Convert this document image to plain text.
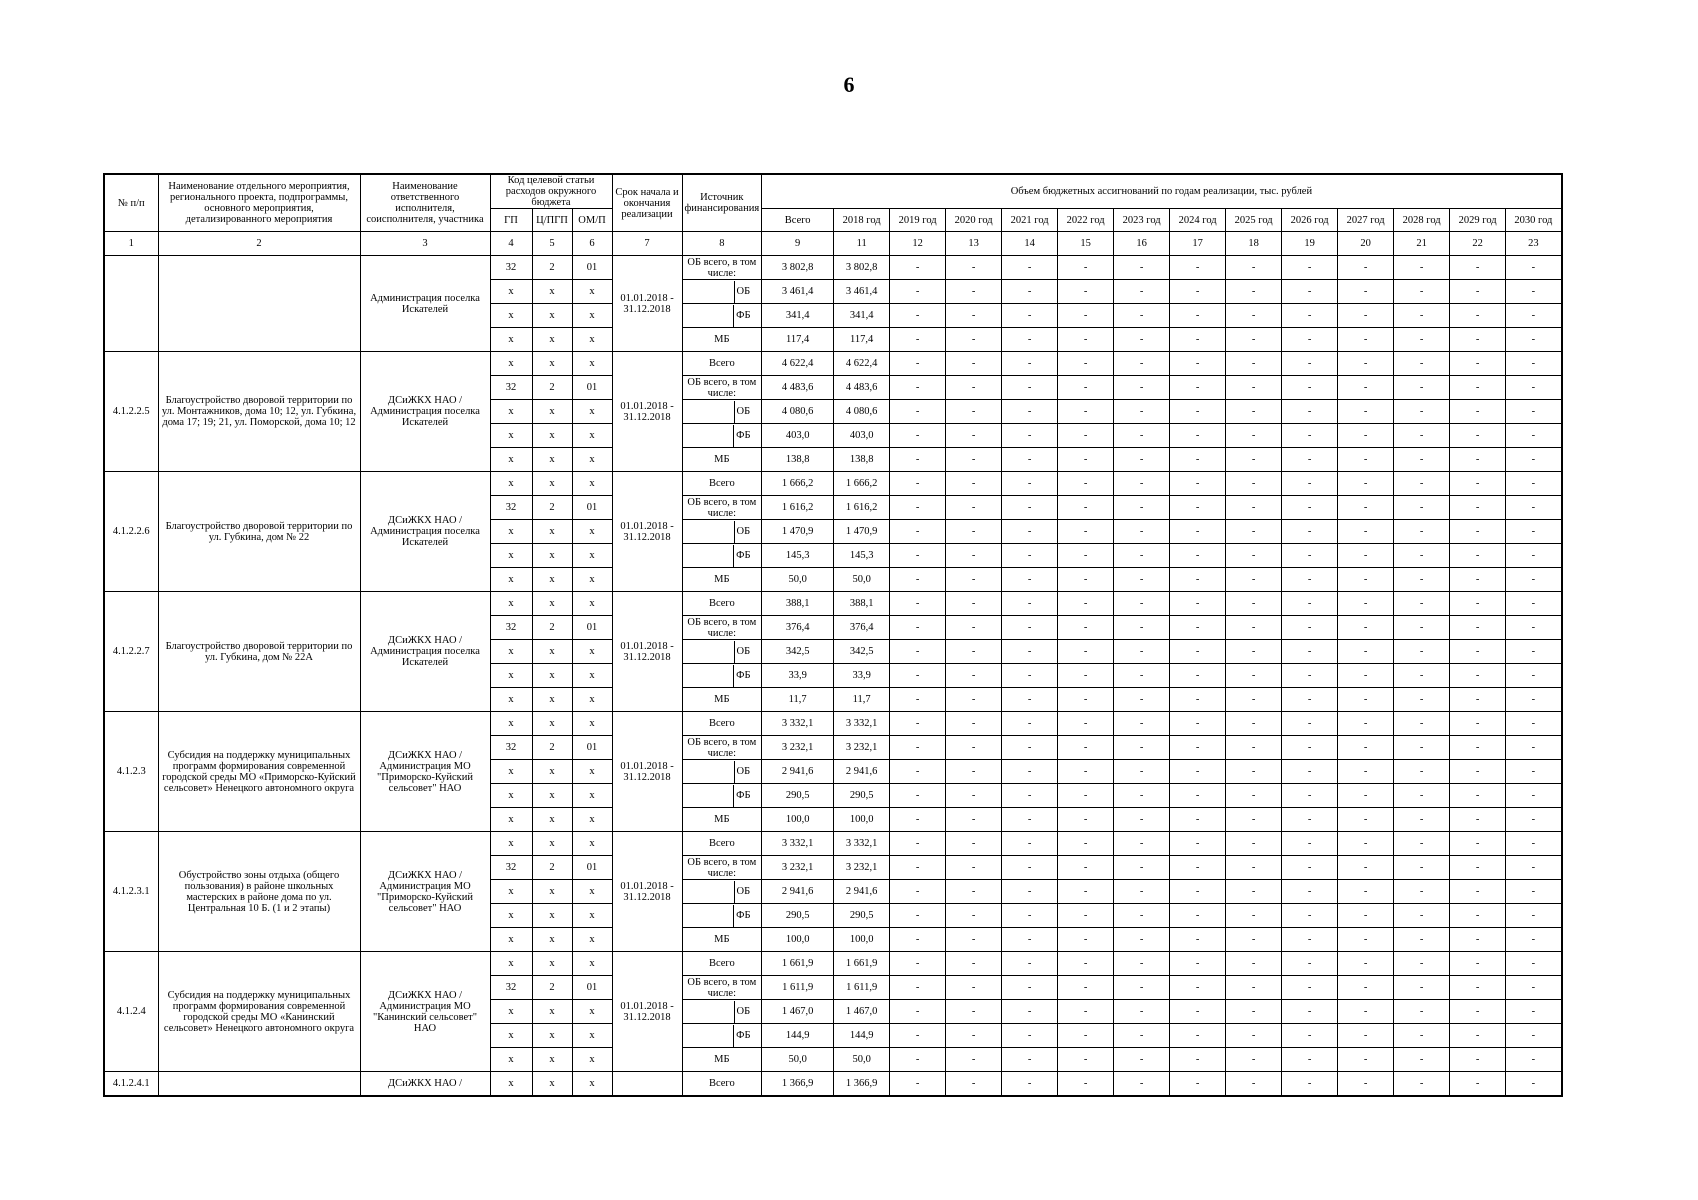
6
№ п/п	Наименование отдельного мероприятия, регионального проекта, подпрограммы, основного мероприятия, детализированного мероприятия	Наименование ответственного исполнителя, соисполнителя, участника	Код целевой статьи расходов окружного бюджета			Срок начала и окончания реализации	Источник финансирования	Объем бюджетных ассигнований по годам реализации, тыс. рублей													
			ГП	Ц/ПГП	ОМ/П			Всего	2018 год	2019 год	2020 год	2021 год	2022 год	2023 год	2024 год	2025 год	2026 год	2027 год	2028 год	2029 год	2030 год
1	2	3	4	5	6	7	8	9	11	12	13	14	15	16	17	18	19	20	21	22	23
		Администрация поселка Искателей	32	2	01	01.01.2018 - 31.12.2018	ОБ всего, в том числе:	3 802,8	3 802,8	-	-	-	-	-	-	-	-	-	-	-	-
			x	x	x		ОБ	3 461,4	3 461,4	-	-	-	-	-	-	-	-	-	-	-	-
			x	x	x		ФБ	341,4	341,4	-	-	-	-	-	-	-	-	-	-	-	-
			x	x	x		МБ	117,4	117,4	-	-	-	-	-	-	-	-	-	-	-	-
4.1.2.2.5	Благоустройство дворовой территории по ул. Монтажников, дома 10; 12, ул. Губкина, дома 17; 19; 21, ул. Поморской, дома 10; 12	ДСиЖКХ НАО / Администрация поселка Искателей	x	x	x	01.01.2018 - 31.12.2018	Всего	4 622,4	4 622,4	-	-	-	-	-	-	-	-	-	-	-	-
			32	2	01		ОБ всего, в том числе:	4 483,6	4 483,6	-	-	-	-	-	-	-	-	-	-	-	-
			x	x	x		ОБ	4 080,6	4 080,6	-	-	-	-	-	-	-	-	-	-	-	-
			x	x	x		ФБ	403,0	403,0	-	-	-	-	-	-	-	-	-	-	-	-
			x	x	x		МБ	138,8	138,8	-	-	-	-	-	-	-	-	-	-	-	-
4.1.2.2.6	Благоустройство дворовой территории по ул. Губкина, дом № 22	ДСиЖКХ НАО / Администрация поселка Искателей	x	x	x	01.01.2018 - 31.12.2018	Всего	1 666,2	1 666,2	-	-	-	-	-	-	-	-	-	-	-	-
			32	2	01		ОБ всего, в том числе:	1 616,2	1 616,2	-	-	-	-	-	-	-	-	-	-	-	-
			x	x	x		ОБ	1 470,9	1 470,9	-	-	-	-	-	-	-	-	-	-	-	-
			x	x	x		ФБ	145,3	145,3	-	-	-	-	-	-	-	-	-	-	-	-
			x	x	x		МБ	50,0	50,0	-	-	-	-	-	-	-	-	-	-	-	-
4.1.2.2.7	Благоустройство дворовой территории по ул. Губкина, дом № 22А	ДСиЖКХ НАО / Администрация поселка Искателей	x	x	x	01.01.2018 - 31.12.2018	Всего	388,1	388,1	-	-	-	-	-	-	-	-	-	-	-	-
			32	2	01		ОБ всего, в том числе:	376,4	376,4	-	-	-	-	-	-	-	-	-	-	-	-
			x	x	x		ОБ	342,5	342,5	-	-	-	-	-	-	-	-	-	-	-	-
			x	x	x		ФБ	33,9	33,9	-	-	-	-	-	-	-	-	-	-	-	-
			x	x	x		МБ	11,7	11,7	-	-	-	-	-	-	-	-	-	-	-	-
4.1.2.3	Субсидия на поддержку муниципальных программ формирования современной городской среды МО «Приморско-Куйский сельсовет» Ненецкого автономного округа	ДСиЖКХ НАО / Администрация МО "Приморско-Куйский сельсовет" НАО	x	x	x	01.01.2018 - 31.12.2018	Всего	3 332,1	3 332,1	-	-	-	-	-	-	-	-	-	-	-	-
			32	2	01		ОБ всего, в том числе:	3 232,1	3 232,1	-	-	-	-	-	-	-	-	-	-	-	-
			x	x	x		ОБ	2 941,6	2 941,6	-	-	-	-	-	-	-	-	-	-	-	-
			x	x	x		ФБ	290,5	290,5	-	-	-	-	-	-	-	-	-	-	-	-
			x	x	x		МБ	100,0	100,0	-	-	-	-	-	-	-	-	-	-	-	-
4.1.2.3.1	Обустройство зоны отдыха (общего пользования) в районе школьных мастерских в районе дома по ул. Центральная 10 Б. (1 и 2 этапы)	ДСиЖКХ НАО / Администрация МО "Приморско-Куйский сельсовет" НАО	x	x	x	01.01.2018 - 31.12.2018	Всего	3 332,1	3 332,1	-	-	-	-	-	-	-	-	-	-	-	-
			32	2	01		ОБ всего, в том числе:	3 232,1	3 232,1	-	-	-	-	-	-	-	-	-	-	-	-
			x	x	x		ОБ	2 941,6	2 941,6	-	-	-	-	-	-	-	-	-	-	-	-
			x	x	x		ФБ	290,5	290,5	-	-	-	-	-	-	-	-	-	-	-	-
			x	x	x		МБ	100,0	100,0	-	-	-	-	-	-	-	-	-	-	-	-
4.1.2.4	Субсидия на поддержку муниципальных программ формирования современной городской среды МО «Канинский сельсовет» Ненецкого автономного округа	ДСиЖКХ НАО / Администрация МО "Канинский сельсовет" НАО	x	x	x	01.01.2018 - 31.12.2018	Всего	1 661,9	1 661,9	-	-	-	-	-	-	-	-	-	-	-	-
			32	2	01		ОБ всего, в том числе:	1 611,9	1 611,9	-	-	-	-	-	-	-	-	-	-	-	-
			x	x	x		ОБ	1 467,0	1 467,0	-	-	-	-	-	-	-	-	-	-	-	-
			x	x	x		ФБ	144,9	144,9	-	-	-	-	-	-	-	-	-	-	-	-
			x	x	x		МБ	50,0	50,0	-	-	-	-	-	-	-	-	-	-	-	-
4.1.2.4.1		ДСиЖКХ НАО /	x	x	x		Всего	1 366,9	1 366,9	-	-	-	-	-	-	-	-	-	-	-	-
